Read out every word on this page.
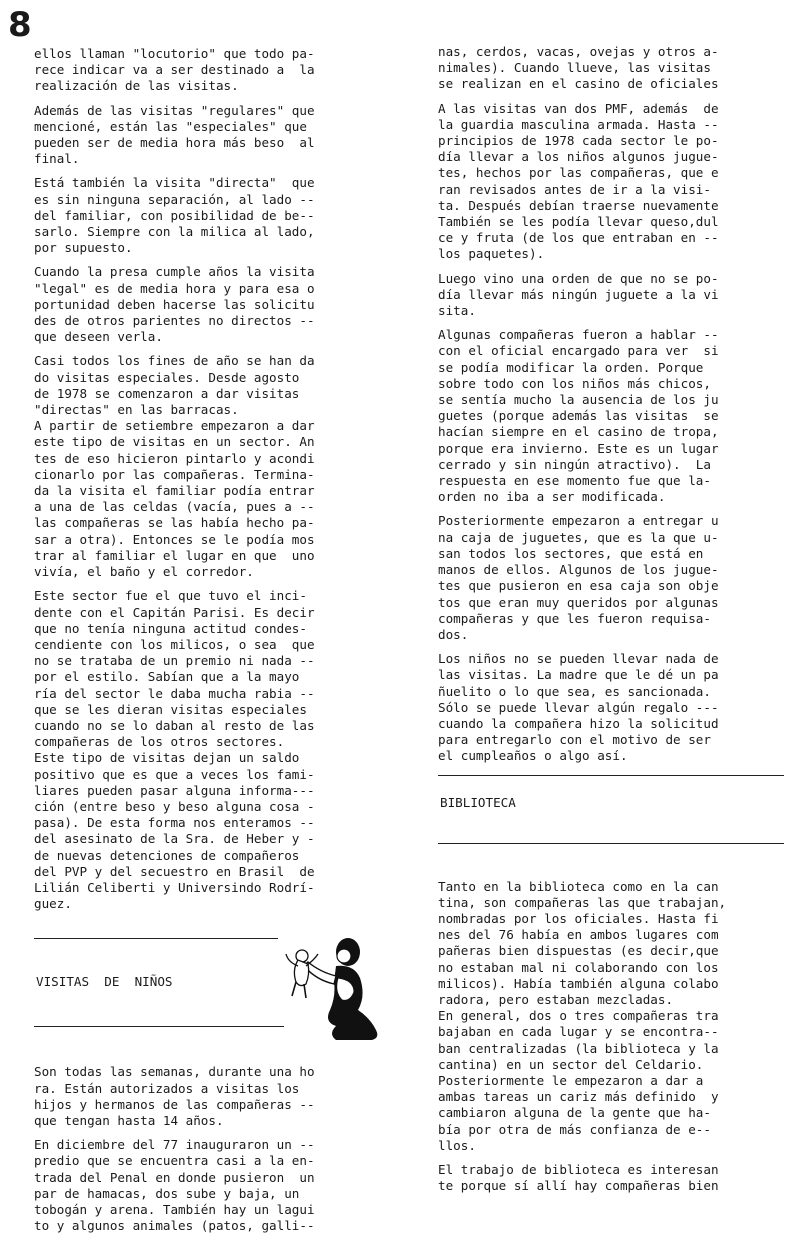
8

ellos llaman "locutorio" que todo pa-
rece indicar va a ser destinado a  la
realización de las visitas.

Además de las visitas "regulares" que
mencioné, están las "especiales" que
pueden ser de media hora más beso  al
final.

Está también la visita "directa"  que
es sin ninguna separación, al lado --
del familiar, con posibilidad de be--
sarlo. Siempre con la milica al lado,
por supuesto.

Cuando la presa cumple años la visita
"legal" es de media hora y para esa o
portunidad deben hacerse las solicitu
des de otros parientes no directos --
que deseen verla.

Casi todos los fines de año se han da
do visitas especiales. Desde agosto
de 1978 se comenzaron a dar visitas
"directas" en las barracas.
A partir de setiembre empezaron a dar
este tipo de visitas en un sector. An
tes de eso hicieron pintarlo y acondi
cionarlo por las compañeras. Termina-
da la visita el familiar podía entrar
a una de las celdas (vacía, pues a --
las compañeras se las había hecho pa-
sar a otra). Entonces se le podía mos
trar al familiar el lugar en que  uno
vivía, el baño y el corredor.

Este sector fue el que tuvo el inci-
dente con el Capitán Parisi. Es decir
que no tenía ninguna actitud condes-
cendiente con los milicos, o sea  que
no se trataba de un premio ni nada --
por el estilo. Sabían que a la mayo
ría del sector le daba mucha rabia --
que se les dieran visitas especiales
cuando no se lo daban al resto de las
compañeras de los otros sectores.
Este tipo de visitas dejan un saldo
positivo que es que a veces los fami-
liares pueden pasar alguna informa---
ción (entre beso y beso alguna cosa -
pasa). De esta forma nos enteramos --
del asesinato de la Sra. de Heber y -
de nuevas detenciones de compañeros
del PVP y del secuestro en Brasil  de
Lilián Celiberti y Universindo Rodrí-
guez.

VISITAS  DE  NIÑOS

Son todas las semanas, durante una ho
ra. Están autorizados a visitas los
hijos y hermanos de las compañeras --
que tengan hasta 14 años.

En diciembre del 77 inauguraron un --
predio que se encuentra casi a la en-
trada del Penal en donde pusieron  un
par de hamacas, dos sube y baja, un
tobogán y arena. También hay un lagui
to y algunos animales (patos, galli--

nas, cerdos, vacas, ovejas y otros a-
nimales). Cuando llueve, las visitas
se realizan en el casino de oficiales

A las visitas van dos PMF, además  de
la guardia masculina armada. Hasta --
principios de 1978 cada sector le po-
día llevar a los niños algunos jugue-
tes, hechos por las compañeras, que e
ran revisados antes de ir a la visi-
ta. Después debían traerse nuevamente
También se les podía llevar queso,dul
ce y fruta (de los que entraban en --
los paquetes).

Luego vino una orden de que no se po-
día llevar más ningún juguete a la vi
sita.

Algunas compañeras fueron a hablar --
con el oficial encargado para ver  si
se podía modificar la orden. Porque
sobre todo con los niños más chicos,
se sentía mucho la ausencia de los ju
guetes (porque además las visitas  se
hacían siempre en el casino de tropa,
porque era invierno. Este es un lugar
cerrado y sin ningún atractivo).  La
respuesta en ese momento fue que la-
orden no iba a ser modificada.

Posteriormente empezaron a entregar u
na caja de juguetes, que es la que u-
san todos los sectores, que está en
manos de ellos. Algunos de los jugue-
tes que pusieron en esa caja son obje
tos que eran muy queridos por algunas
compañeras y que les fueron requisa-
dos.

Los niños no se pueden llevar nada de
las visitas. La madre que le dé un pa
ñuelito o lo que sea, es sancionada.
Sólo se puede llevar algún regalo ---
cuando la compañera hizo la solicitud
para entregarlo con el motivo de ser
el cumpleaños o algo así.

BIBLIOTECA

Tanto en la biblioteca como en la can
tina, son compañeras las que trabajan,
nombradas por los oficiales. Hasta fi
nes del 76 había en ambos lugares com
pañeras bien dispuestas (es decir,que
no estaban mal ni colaborando con los
milicos). Había también alguna colabo
radora, pero estaban mezcladas.
En general, dos o tres compañeras tra
bajaban en cada lugar y se encontra--
ban centralizadas (la biblioteca y la
cantina) en un sector del Celdario.
Posteriormente le empezaron a dar a
ambas tareas un cariz más definido  y
cambiaron alguna de la gente que ha-
bía por otra de más confianza de e--
llos.

El trabajo de biblioteca es interesan
te porque sí allí hay compañeras bien
